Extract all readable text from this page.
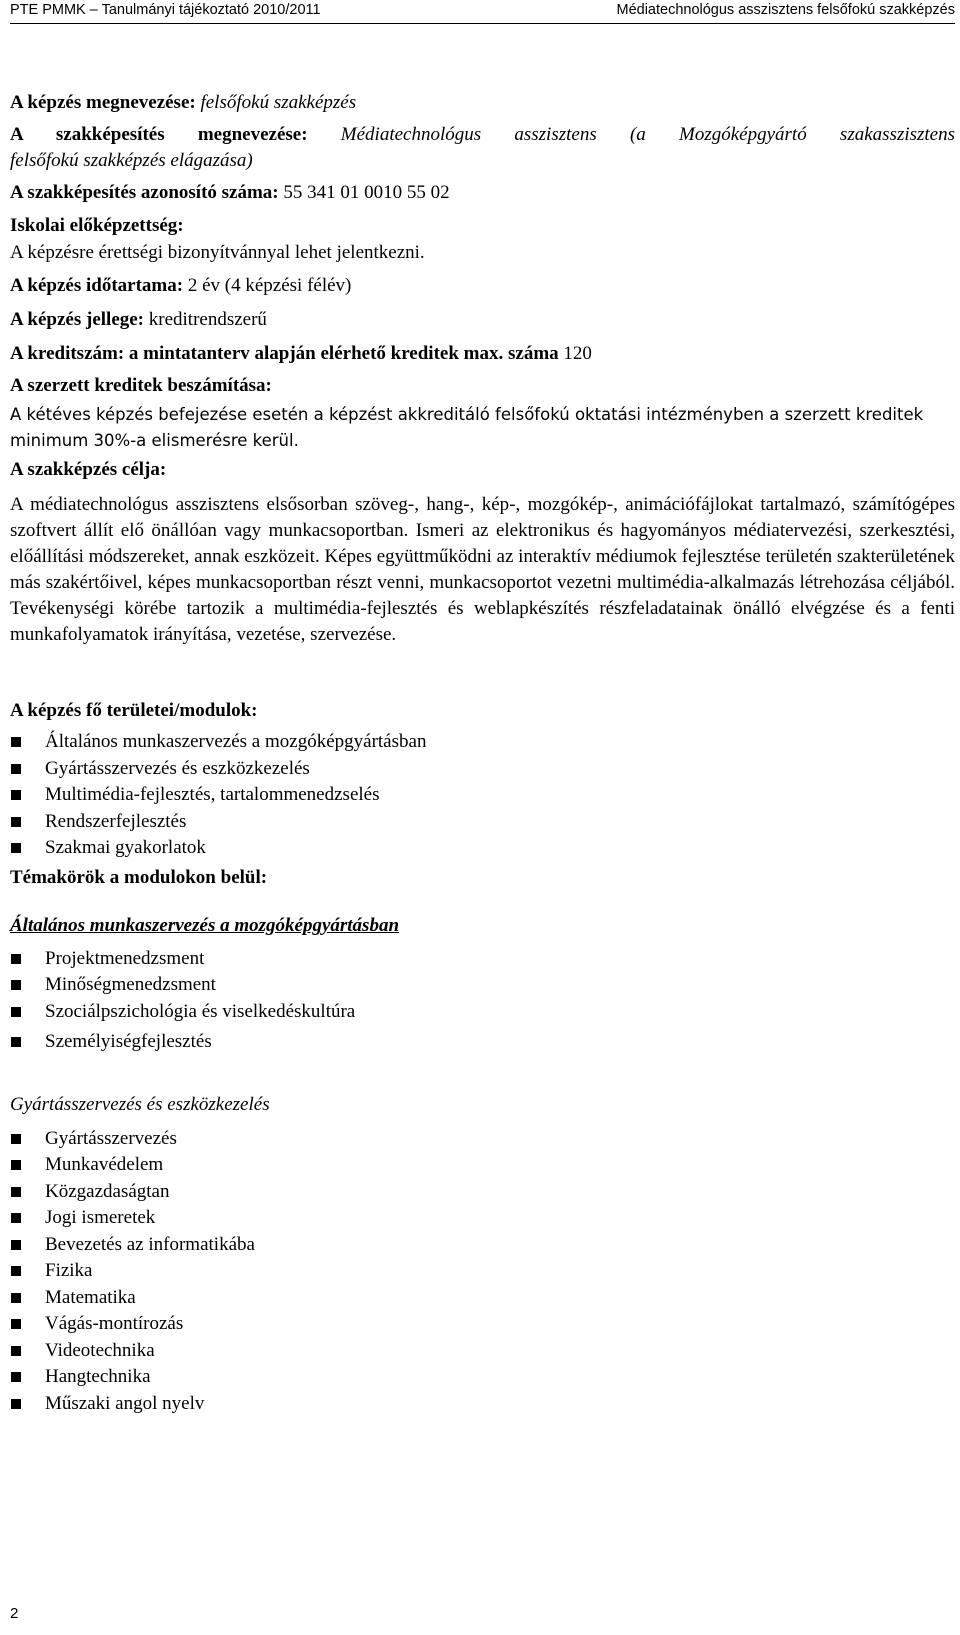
PTE PMMK – Tanulmányi tájékoztató 2010/2011	Médiatechnológus asszisztens felsőfokú szakképzés

A képzés megnevezése: felsőfokú szakképzés

A szakképesítés megnevezése: Médiatechnológus asszisztens (a Mozgóképgyártó szakasszisztens

felsőfokú szakképzés elágazása)

A szakképesítés azonosító száma: 55 341 01 0010 55 02

Iskolai előképzettség:

A képzésre érettségi bizonyítvánnyal lehet jelentkezni.

A képzés időtartama: 2 év (4 képzési félév)

A képzés jellege: kreditrendszerű

A kreditszám: a mintatanterv alapján elérhető kreditek max. száma 120

A szerzett kreditek beszámítása:

A kétéves képzés befejezése esetén a képzést akkreditáló felsőfokú oktatási intézményben a szerzett kreditek minimum 30%-a elismerésre kerül.

A szakképzés célja:

A médiatechnológus asszisztens elsősorban szöveg-, hang-, kép-, mozgókép-, animációfájlokat tartalmazó, számítógépes szoftvert állít elő önállóan vagy munkacsoportban. Ismeri az elektronikus és hagyományos médiatervezési, szerkesztési, előállítási módszereket, annak eszközeit. Képes együttműködni az interaktív médiumok fejlesztése területén szakterületének más szakértőivel, képes munkacsoportban részt venni, munkacsoportot vezetni multimédia-alkalmazás létrehozása céljából. Tevékenységi körébe tartozik a multimédia-fejlesztés és weblapkészítés részfeladatainak önálló elvégzése és a fenti munkafolyamatok irányítása, vezetése, szervezése.

A képzés fő területei/modulok:

Általános munkaszervezés a mozgóképgyártásban
Gyártásszervezés és eszközkezelés
Multimédia-fejlesztés, tartalommenedzselés
Rendszerfejlesztés
Szakmai gyakorlatok

Témakörök a modulokon belül:

Általános munkaszervezés a mozgóképgyártásban

Projektmenedzsment
Minőségmenedzsment
Szociálpszichológia és viselkedéskultúra
Személyiségfejlesztés

Gyártásszervezés és eszközkezelés

Gyártásszervezés
Munkavédelem
Közgazdaságtan
Jogi ismeretek
Bevezetés az informatikába
Fizika
Matematika
Vágás-montírozás
Videotechnika
Hangtechnika
Műszaki angol nyelv
2
